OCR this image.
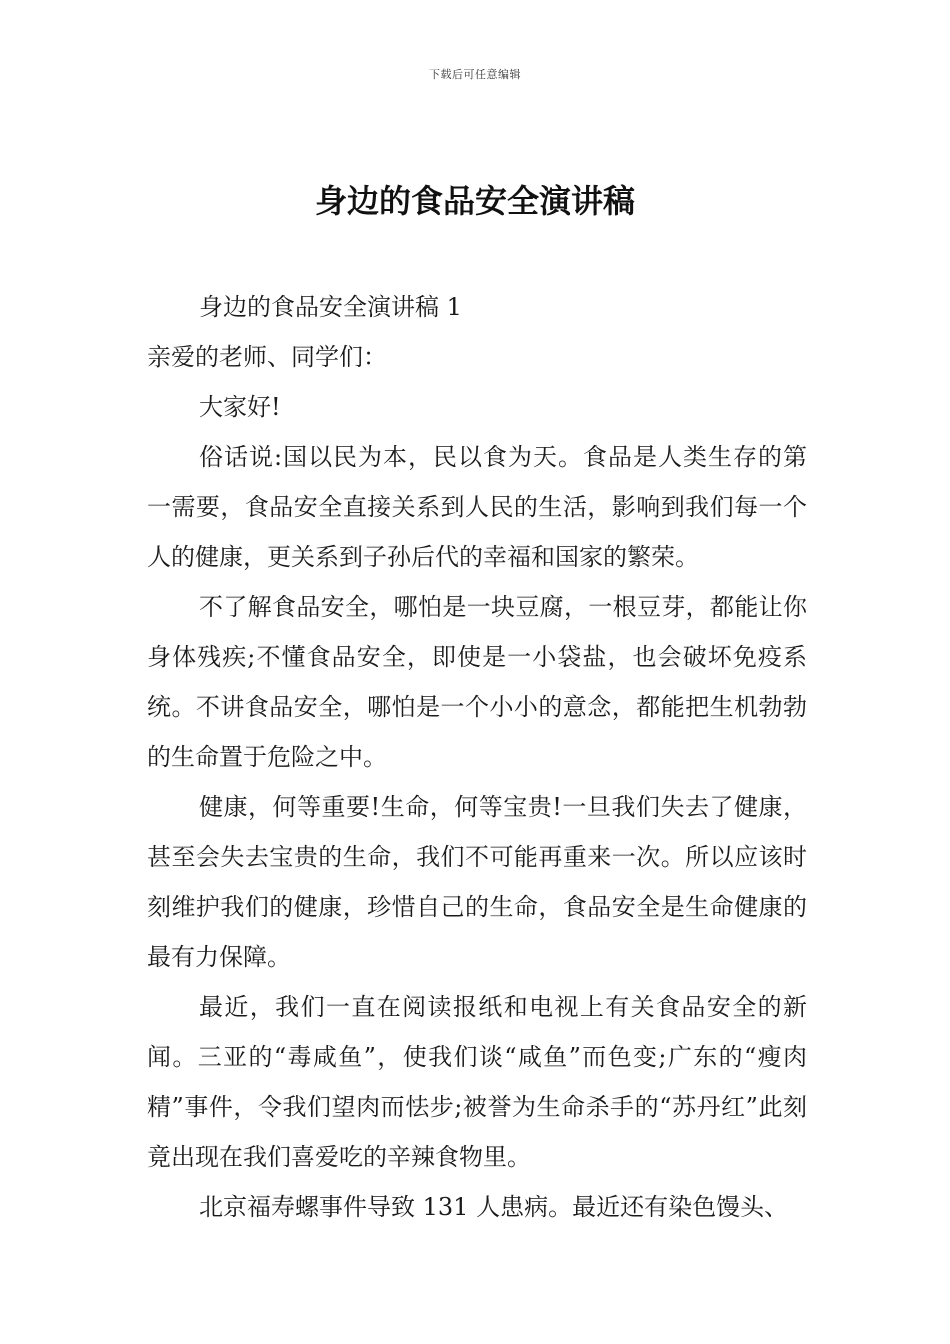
下载后可任意编辑
身边的食品安全演讲稿

身边的食品安全演讲稿 1

亲爱的老师、同学们：

大家好!

俗话说:国以民为本，民以食为天。食品是人类生存的第一需要，食品安全直接关系到人民的生活，影响到我们每一个人的健康，更关系到子孙后代的幸福和国家的繁荣。

不了解食品安全，哪怕是一块豆腐，一根豆芽，都能让你身体残疾;不懂食品安全，即使是一小袋盐，也会破坏免疫系统。不讲食品安全，哪怕是一个小小的意念，都能把生机勃勃的生命置于危险之中。

健康，何等重要!生命，何等宝贵!一旦我们失去了健康，甚至会失去宝贵的生命，我们不可能再重来一次。所以应该时刻维护我们的健康，珍惜自己的生命，食品安全是生命健康的最有力保障。

最近，我们一直在阅读报纸和电视上有关食品安全的新闻。三亚的“毒咸鱼”，使我们谈“咸鱼”而色变;广东的“瘦肉精”事件，令我们望肉而怯步;被誉为生命杀手的“苏丹红”此刻竟出现在我们喜爱吃的辛辣食物里。

北京福寿螺事件导致 131 人患病。最近还有染色馒头、
